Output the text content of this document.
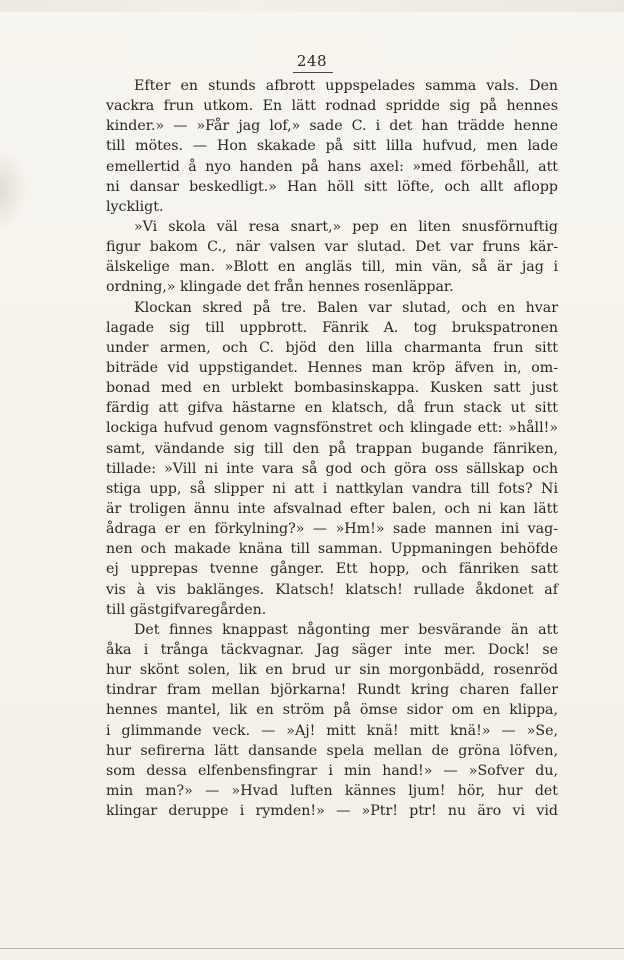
248
Efter en stunds afbrott uppspelades samma vals. Den
vackra frun utkom. En lätt rodnad spridde sig på hennes
kinder.» — »Får jag lof,» sade C. i det han trädde henne
till mötes. — Hon skakade på sitt lilla hufvud, men lade
emellertid å nyo handen på hans axel: »med förbehåll, att
ni dansar beskedligt.» Han höll sitt löfte, och allt aflopp
lyckligt.
»Vi skola väl resa snart,» pep en liten snusförnuftig
figur bakom C., när valsen var slutad. Det var fruns kär-
älskelige man. »Blott en angläs till, min vän, så är jag i
ordning,» klingade det från hennes rosenläppar.
Klockan skred på tre. Balen var slutad, och en hvar
lagade sig till uppbrott. Fänrik A. tog brukspatronen
under armen, och C. bjöd den lilla charmanta frun sitt
biträde vid uppstigandet. Hennes man kröp äfven in, om-
bonad med en urblekt bombasinskappa. Kusken satt just
färdig att gifva hästarne en klatsch, då frun stack ut sitt
lockiga hufvud genom vagnsfönstret och klingade ett: »håll!»
samt, vändande sig till den på trappan bugande fänriken,
tillade: »Vill ni inte vara så god och göra oss sällskap och
stiga upp, så slipper ni att i nattkylan vandra till fots? Ni
är troligen ännu inte afsvalnad efter balen, och ni kan lätt
ådraga er en förkylning?» — »Hm!» sade mannen ini vag-
nen och makade knäna till samman. Uppmaningen behöfde
ej upprepas tvenne gånger. Ett hopp, och fänriken satt
vis à vis baklänges. Klatsch! klatsch! rullade åkdonet af
till gästgifvaregården.
Det finnes knappast någonting mer besvärande än att
åka i trånga täckvagnar. Jag säger inte mer. Dock! se
hur skönt solen, lik en brud ur sin morgonbädd, rosenröd
tindrar fram mellan björkarna! Rundt kring charen faller
hennes mantel, lik en ström på ömse sidor om en klippa,
i glimmande veck. — »Aj! mitt knä! mitt knä!» — »Se,
hur sefirerna lätt dansande spela mellan de gröna löfven,
som dessa elfenbensfingrar i min hand!» — »Sofver du,
min man?» — »Hvad luften kännes ljum! hör, hur det
klingar deruppe i rymden!» — »Ptr! ptr! nu äro vi vid
